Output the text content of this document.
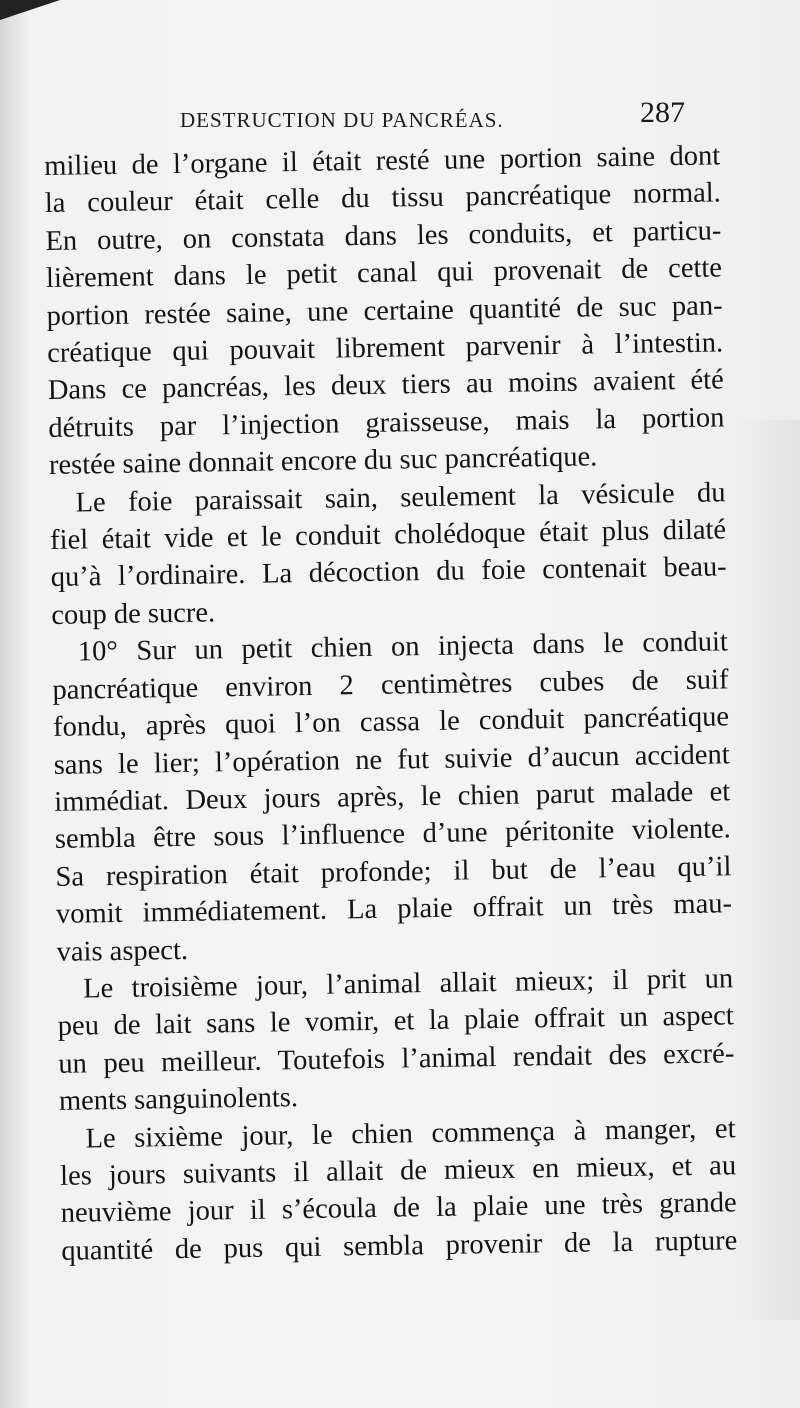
DESTRUCTION DU PANCRÉAS.	287

milieu de l’organe il était resté une portion saine dont
la couleur était celle du tissu pancréatique normal.
En outre, on constata dans les conduits, et particu-
lièrement dans le petit canal qui provenait de cette
portion restée saine, une certaine quantité de suc pan-
créatique qui pouvait librement parvenir à l’intestin.
Dans ce pancréas, les deux tiers au moins avaient été
détruits par l’injection graisseuse, mais la portion
restée saine donnait encore du suc pancréatique.

Le foie paraissait sain, seulement la vésicule du
fiel était vide et le conduit cholédoque était plus dilaté
qu’à l’ordinaire. La décoction du foie contenait beau-
coup de sucre.

10° Sur un petit chien on injecta dans le conduit
pancréatique environ 2 centimètres cubes de suif
fondu, après quoi l’on cassa le conduit pancréatique
sans le lier; l’opération ne fut suivie d’aucun accident
immédiat. Deux jours après, le chien parut malade et
sembla être sous l’influence d’une péritonite violente.
Sa respiration était profonde; il but de l’eau qu’il
vomit immédiatement. La plaie offrait un très mau-
vais aspect.

Le troisième jour, l’animal allait mieux; il prit un
peu de lait sans le vomir, et la plaie offrait un aspect
un peu meilleur. Toutefois l’animal rendait des excré-
ments sanguinolents.

Le sixième jour, le chien commença à manger, et
les jours suivants il allait de mieux en mieux, et au
neuvième jour il s’écoula de la plaie une très grande
quantité de pus qui sembla provenir de la rupture
